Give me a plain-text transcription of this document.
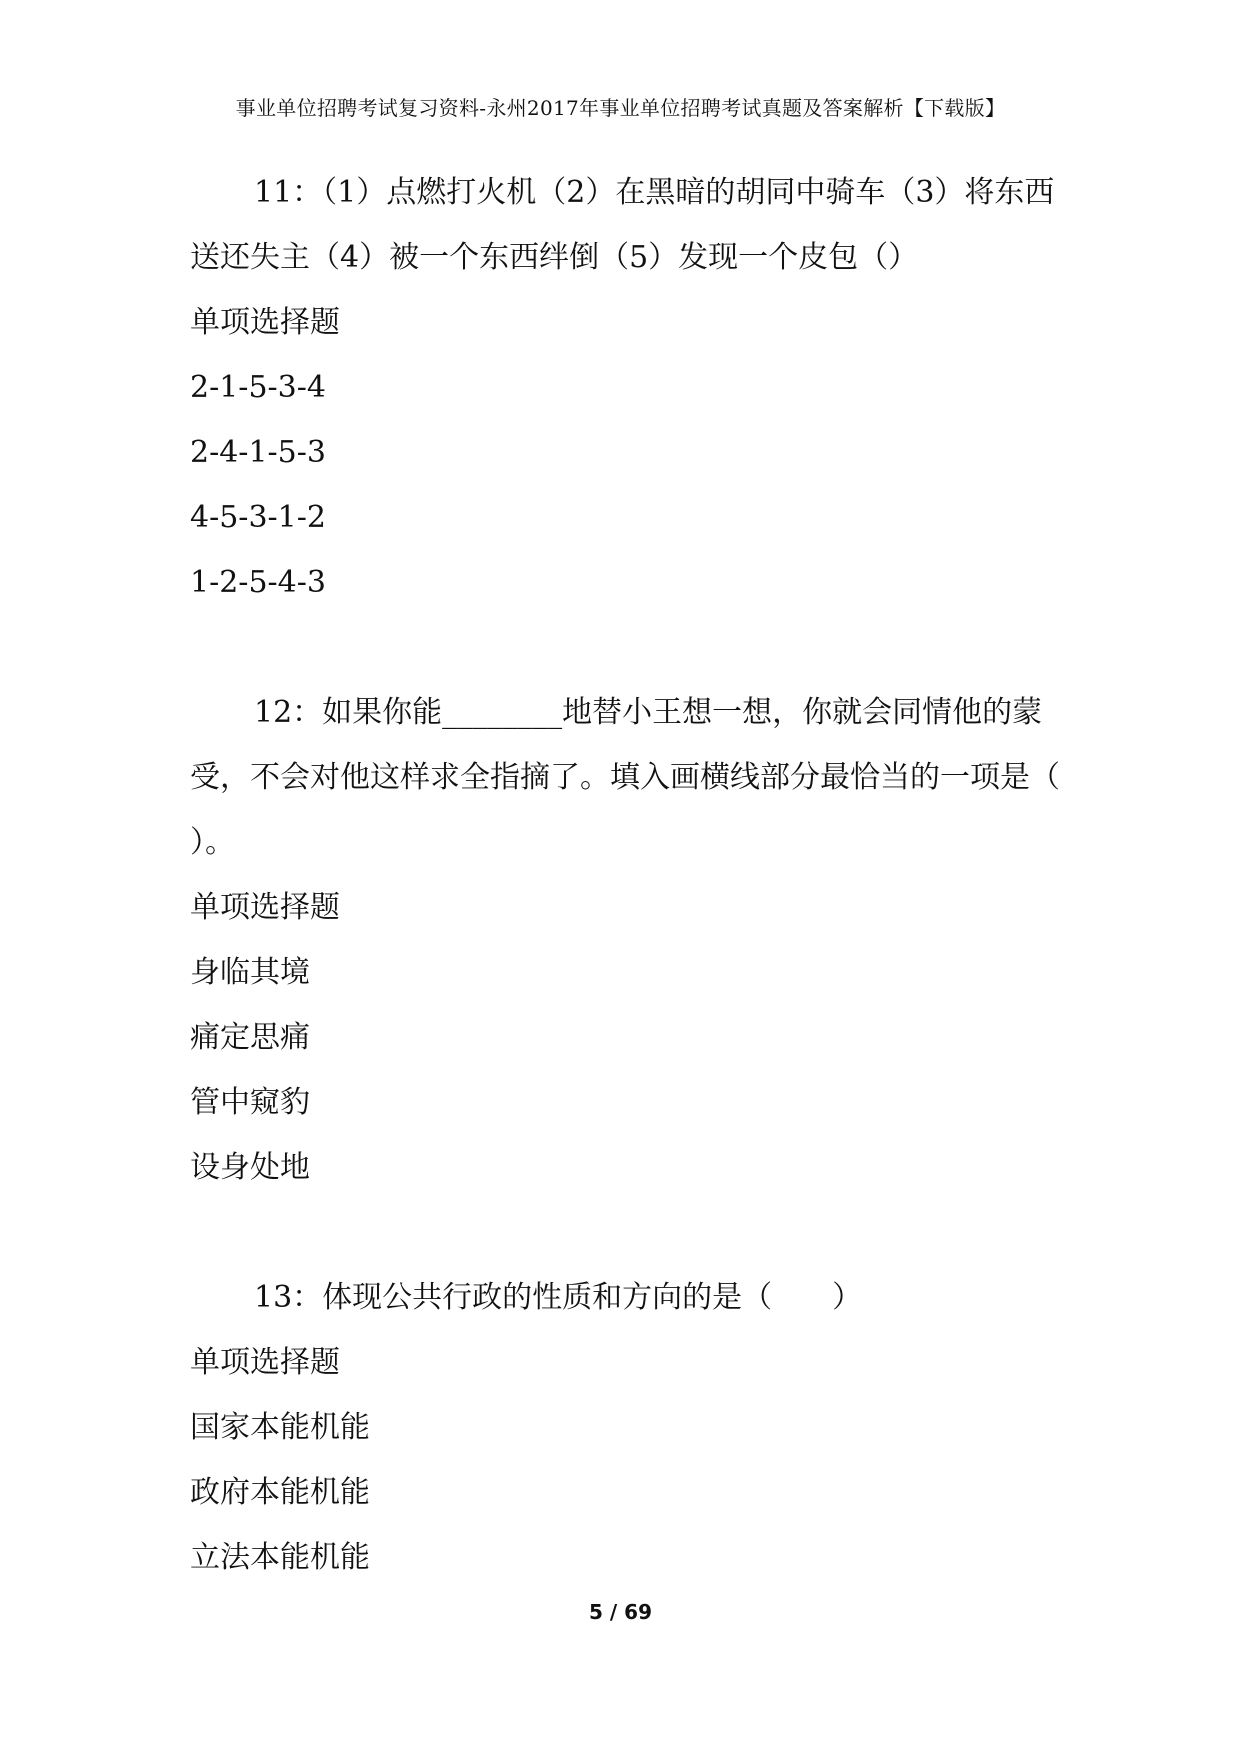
事业单位招聘考试复习资料-永州2017年事业单位招聘考试真题及答案解析【下载版】

11：（1）点燃打火机（2）在黑暗的胡同中骑车（3）将东西送还失主（4）被一个东西绊倒（5）发现一个皮包（）

单项选择题

2-1-5-3-4

2-4-1-5-3

4-5-3-1-2

1-2-5-4-3

12：如果你能________地替小王想一想，你就会同情他的蒙受，不会对他这样求全指摘了。填入画横线部分最恰当的一项是（ ）。

单项选择题

身临其境

痛定思痛

管中窥豹

设身处地

13：体现公共行政的性质和方向的是（　　）

单项选择题

国家本能机能

政府本能机能

立法本能机能

5 / 69
